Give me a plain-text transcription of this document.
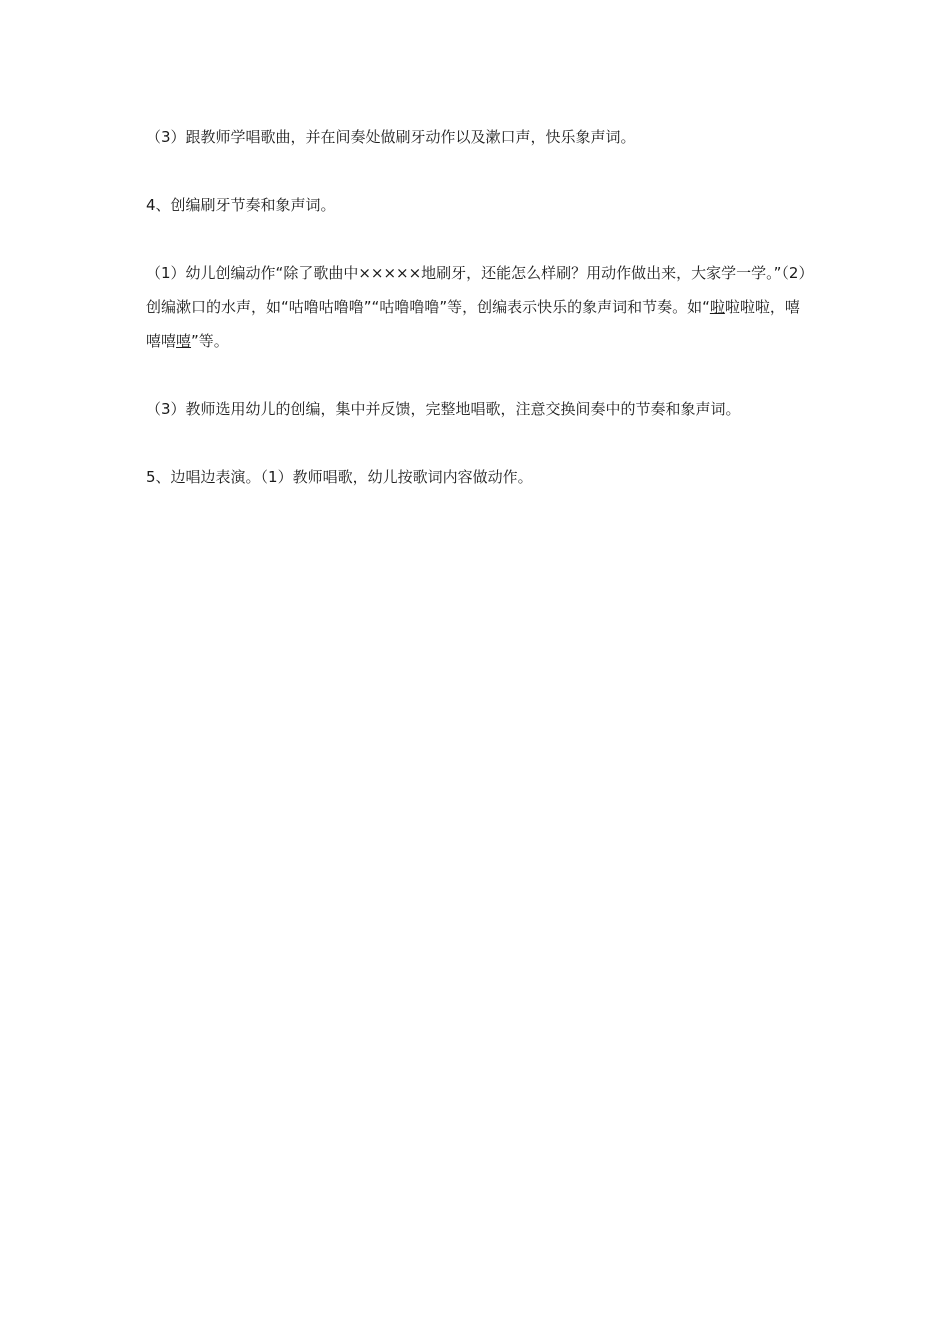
（3）跟教师学唱歌曲，并在间奏处做刷牙动作以及漱口声，快乐象声词。

4、创编刷牙节奏和象声词。

（1）幼儿创编动作“除了歌曲中×××××地刷牙，还能怎么样刷？用动作做出来，大家学一学。”（2）创编漱口的水声，如“咕噜咕噜噜”“咕噜噜噜”等，创编表示快乐的象声词和节奏。如“啦啦啦啦，嘻嘻嘻嘻”等。

（3）教师选用幼儿的创编，集中并反馈，完整地唱歌，注意交换间奏中的节奏和象声词。

5、边唱边表演。（1）教师唱歌，幼儿按歌词内容做动作。
